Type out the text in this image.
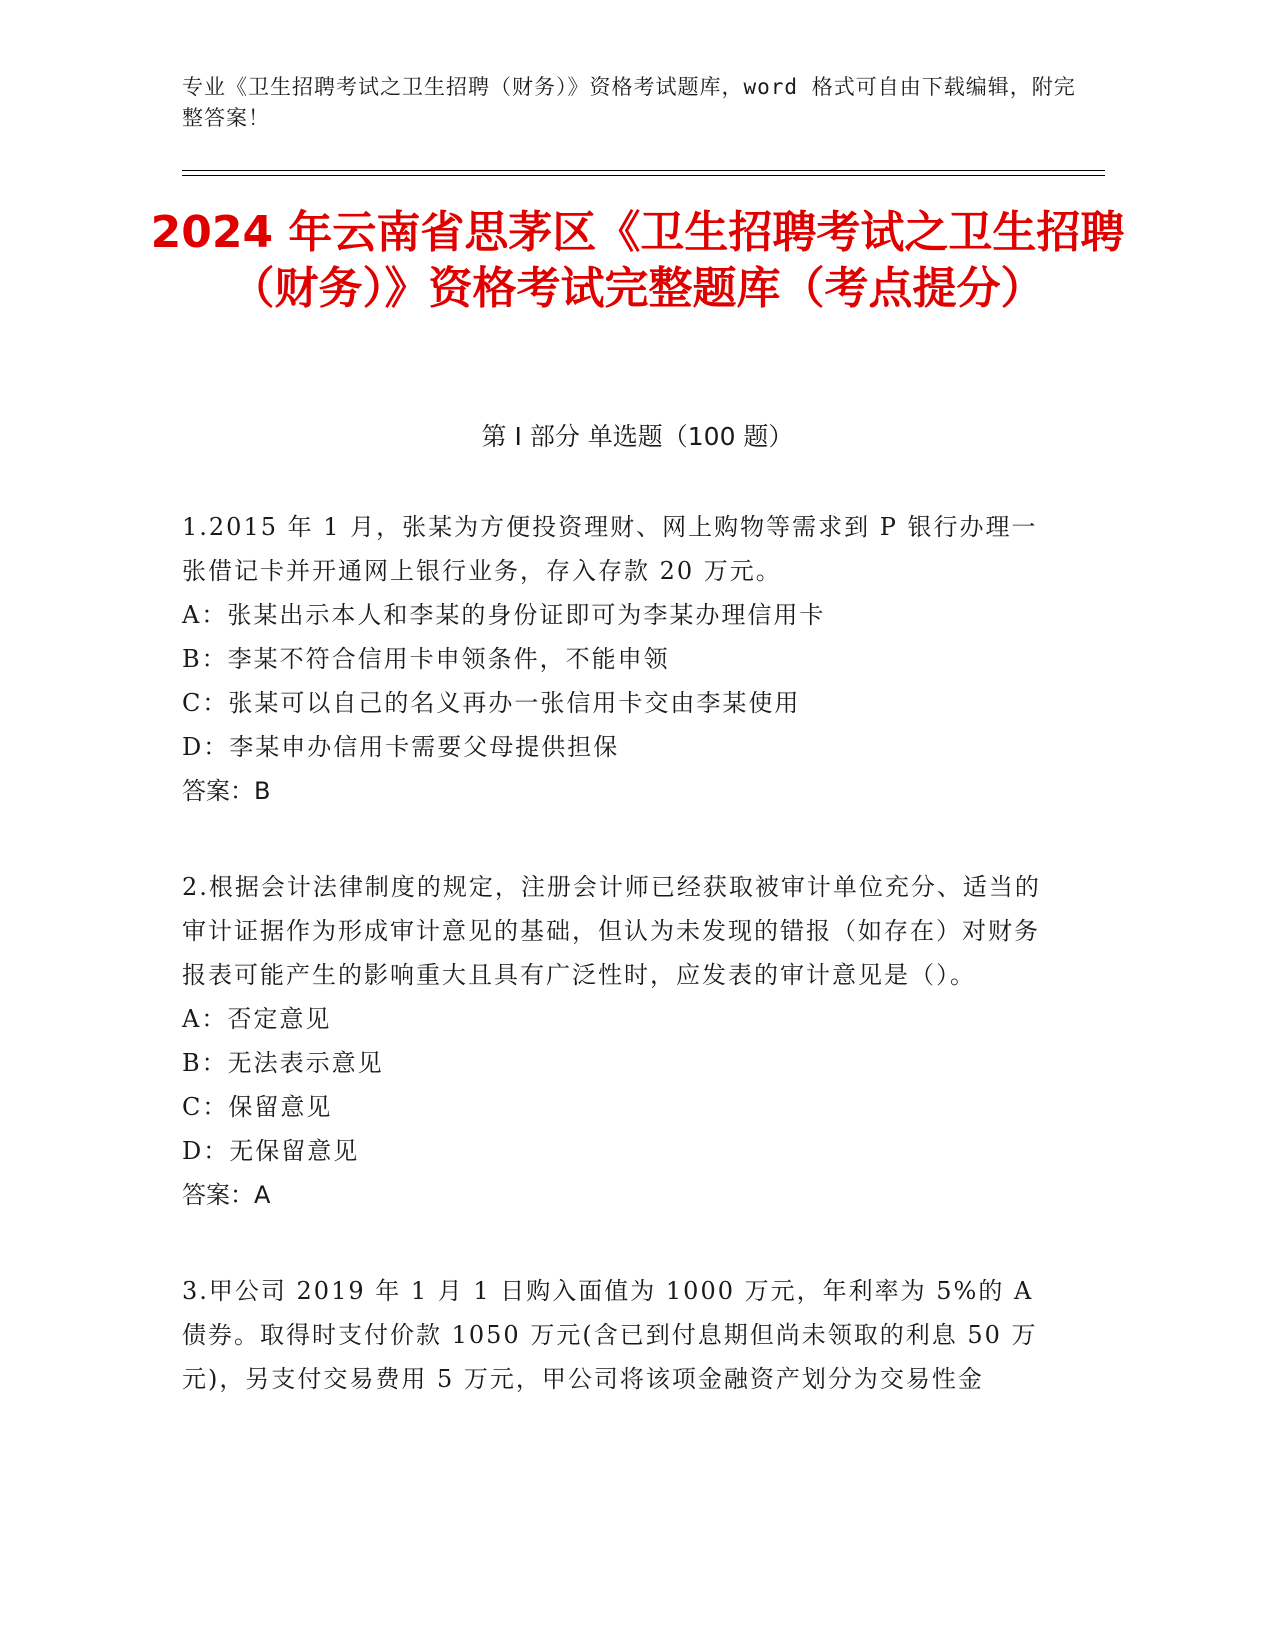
专业《卫生招聘考试之卫生招聘（财务）》资格考试题库，word 格式可自由下载编辑，附完整答案！
2024 年云南省思茅区《卫生招聘考试之卫生招聘（财务）》资格考试完整题库（考点提分）
第 I 部分 单选题（100 题）

1.2015 年 1 月，张某为方便投资理财、网上购物等需求到 P 银行办理一张借记卡并开通网上银行业务，存入存款 20 万元。

A：张某出示本人和李某的身份证即可为李某办理信用卡

B：李某不符合信用卡申领条件，不能申领

C：张某可以自己的名义再办一张信用卡交由李某使用

D：李某申办信用卡需要父母提供担保

答案：B

2.根据会计法律制度的规定，注册会计师已经获取被审计单位充分、适当的审计证据作为形成审计意见的基础，但认为未发现的错报（如存在）对财务报表可能产生的影响重大且具有广泛性时，应发表的审计意见是（）。

A：否定意见

B：无法表示意见

C：保留意见

D：无保留意见

答案：A

3.甲公司 2019 年 1 月 1 日购入面值为 1000 万元，年利率为 5%的 A 债券。取得时支付价款 1050 万元(含已到付息期但尚未领取的利息 50 万元)，另支付交易费用 5 万元，甲公司将该项金融资产划分为交易性金
